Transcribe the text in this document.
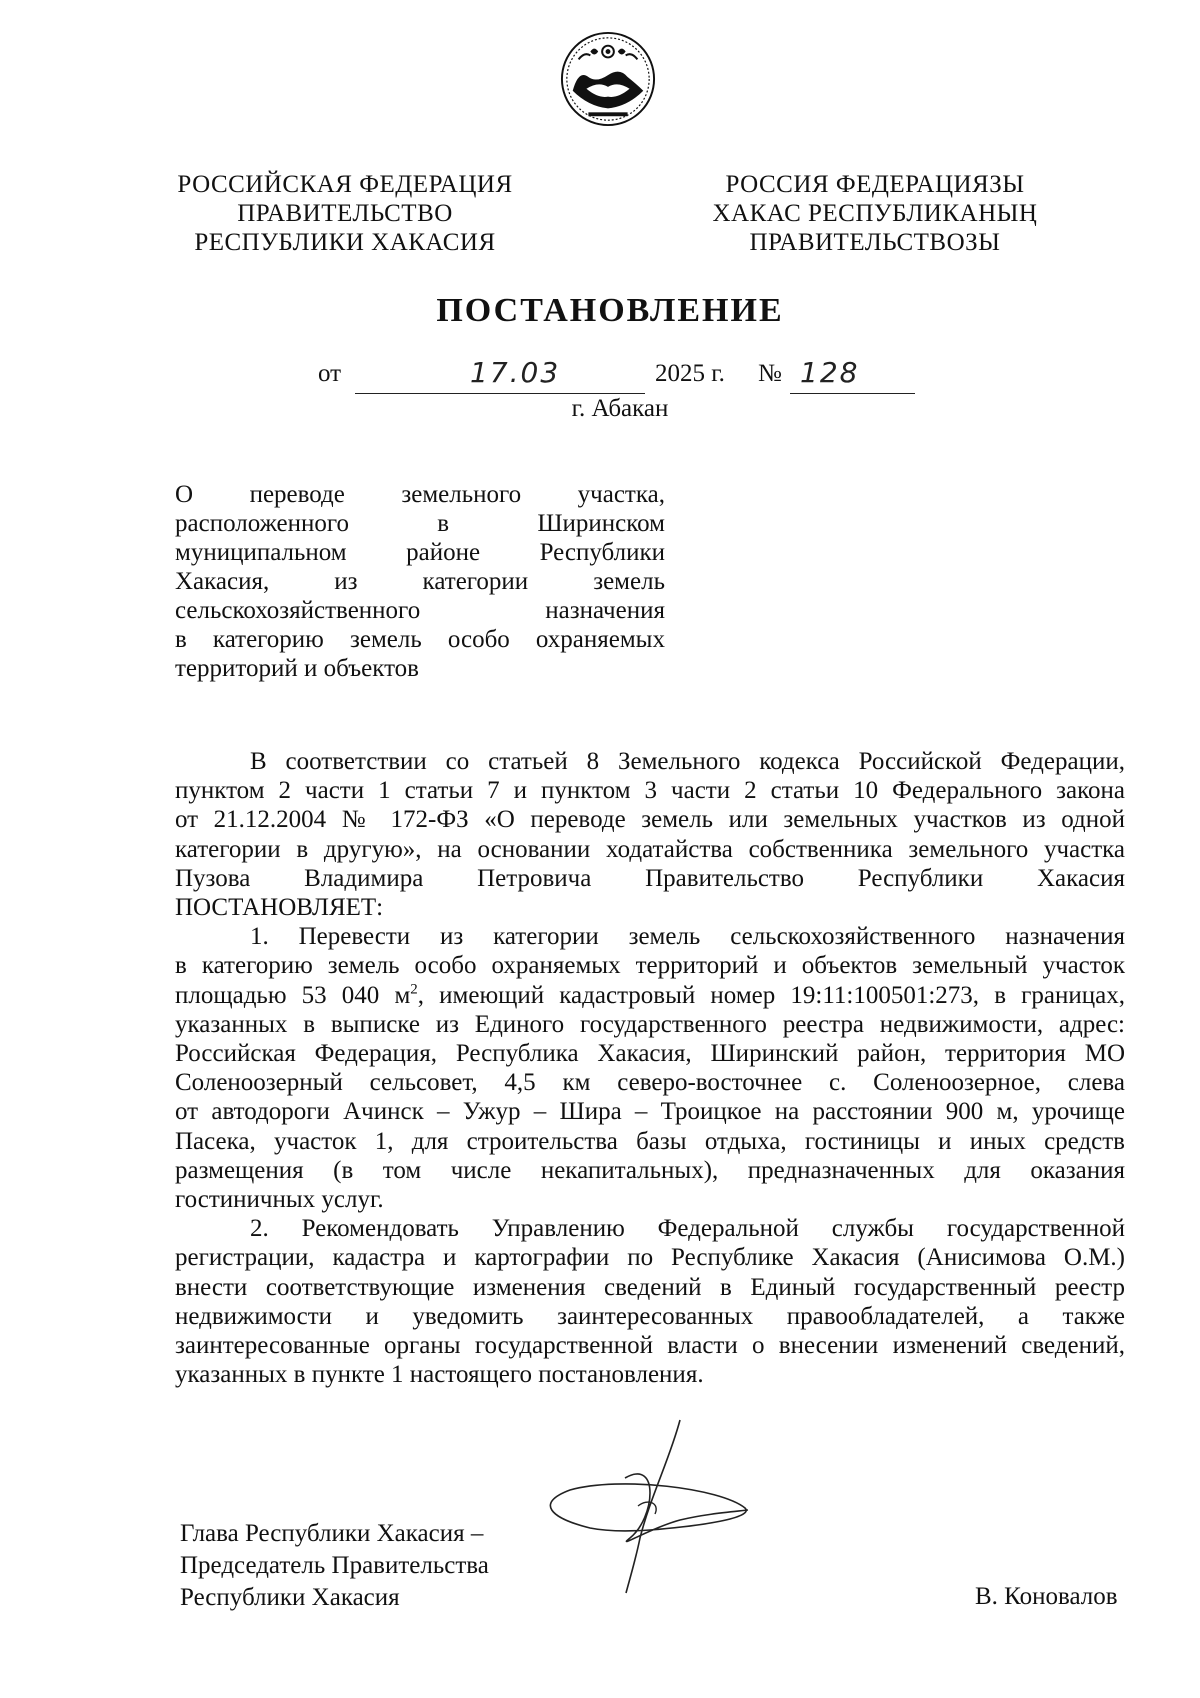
РОССИЙСКАЯ ФЕДЕРАЦИЯ
ПРАВИТЕЛЬСТВО
РЕСПУБЛИКИ ХАКАСИЯ
РОССИЯ ФЕДЕРАЦИЯЗЫ
ХАКАС РЕСПУБЛИКАНЫҢ
ПРАВИТЕЛЬСТВОЗЫ
ПОСТАНОВЛЕНИЕ
от	17.03	2025 г. № 128
г. Абакан
О переводе земельного участка,
расположенного	в	Ширинском
муниципальном районе Республики
Хакасия,	из	категории	земель
сельскохозяйственного	назначения
в категорию земель особо охраняемых
территорий и объектов
В соответствии со статьей 8 Земельного кодекса Российской Федерации,
пунктом 2 части 1 статьи 7 и пунктом 3 части 2 статьи 10 Федерального закона
от 21.12.2004 № 172-ФЗ «О переводе земель или земельных участков из одной
категории в другую», на основании ходатайства собственника земельного участка
Пузова Владимира Петровича Правительство Республики Хакасия
ПОСТАНОВЛЯЕТ:
1. Перевести из категории земель сельскохозяйственного назначения
в категорию земель особо охраняемых территорий и объектов земельный участок
площадью 53 040 $м^2$, имеющий кадастровый номер 19:11:100501:273, в границах,
указанных в выписке из Единого государственного реестра недвижимости, адрес:
Российская Федерация, Республика Хакасия, Ширинский район, территория МО
Соленоозерный сельсовет, 4,5 км северо-восточнее с. Соленоозерное, слева
от автодороги Ачинск – Ужур – Шира – Троицкое на расстоянии 900 м, урочище
Пасека, участок 1, для строительства базы отдыха, гостиницы и иных средств
размещения (в том числе некапитальных), предназначенных для оказания
гостиничных услуг.
2. Рекомендовать Управлению Федеральной службы государственной
регистрации, кадастра и картографии по Республике Хакасия (Анисимова О.М.)
внести соответствующие изменения сведений в Единый государственный реестр
недвижимости и уведомить заинтересованных правообладателей, а также
заинтересованные органы государственной власти о внесении изменений сведений,
указанных в пункте 1 настоящего постановления.
Глава Республики Хакасия –
Председатель Правительства
Республики Хакасия	В. Коновалов
